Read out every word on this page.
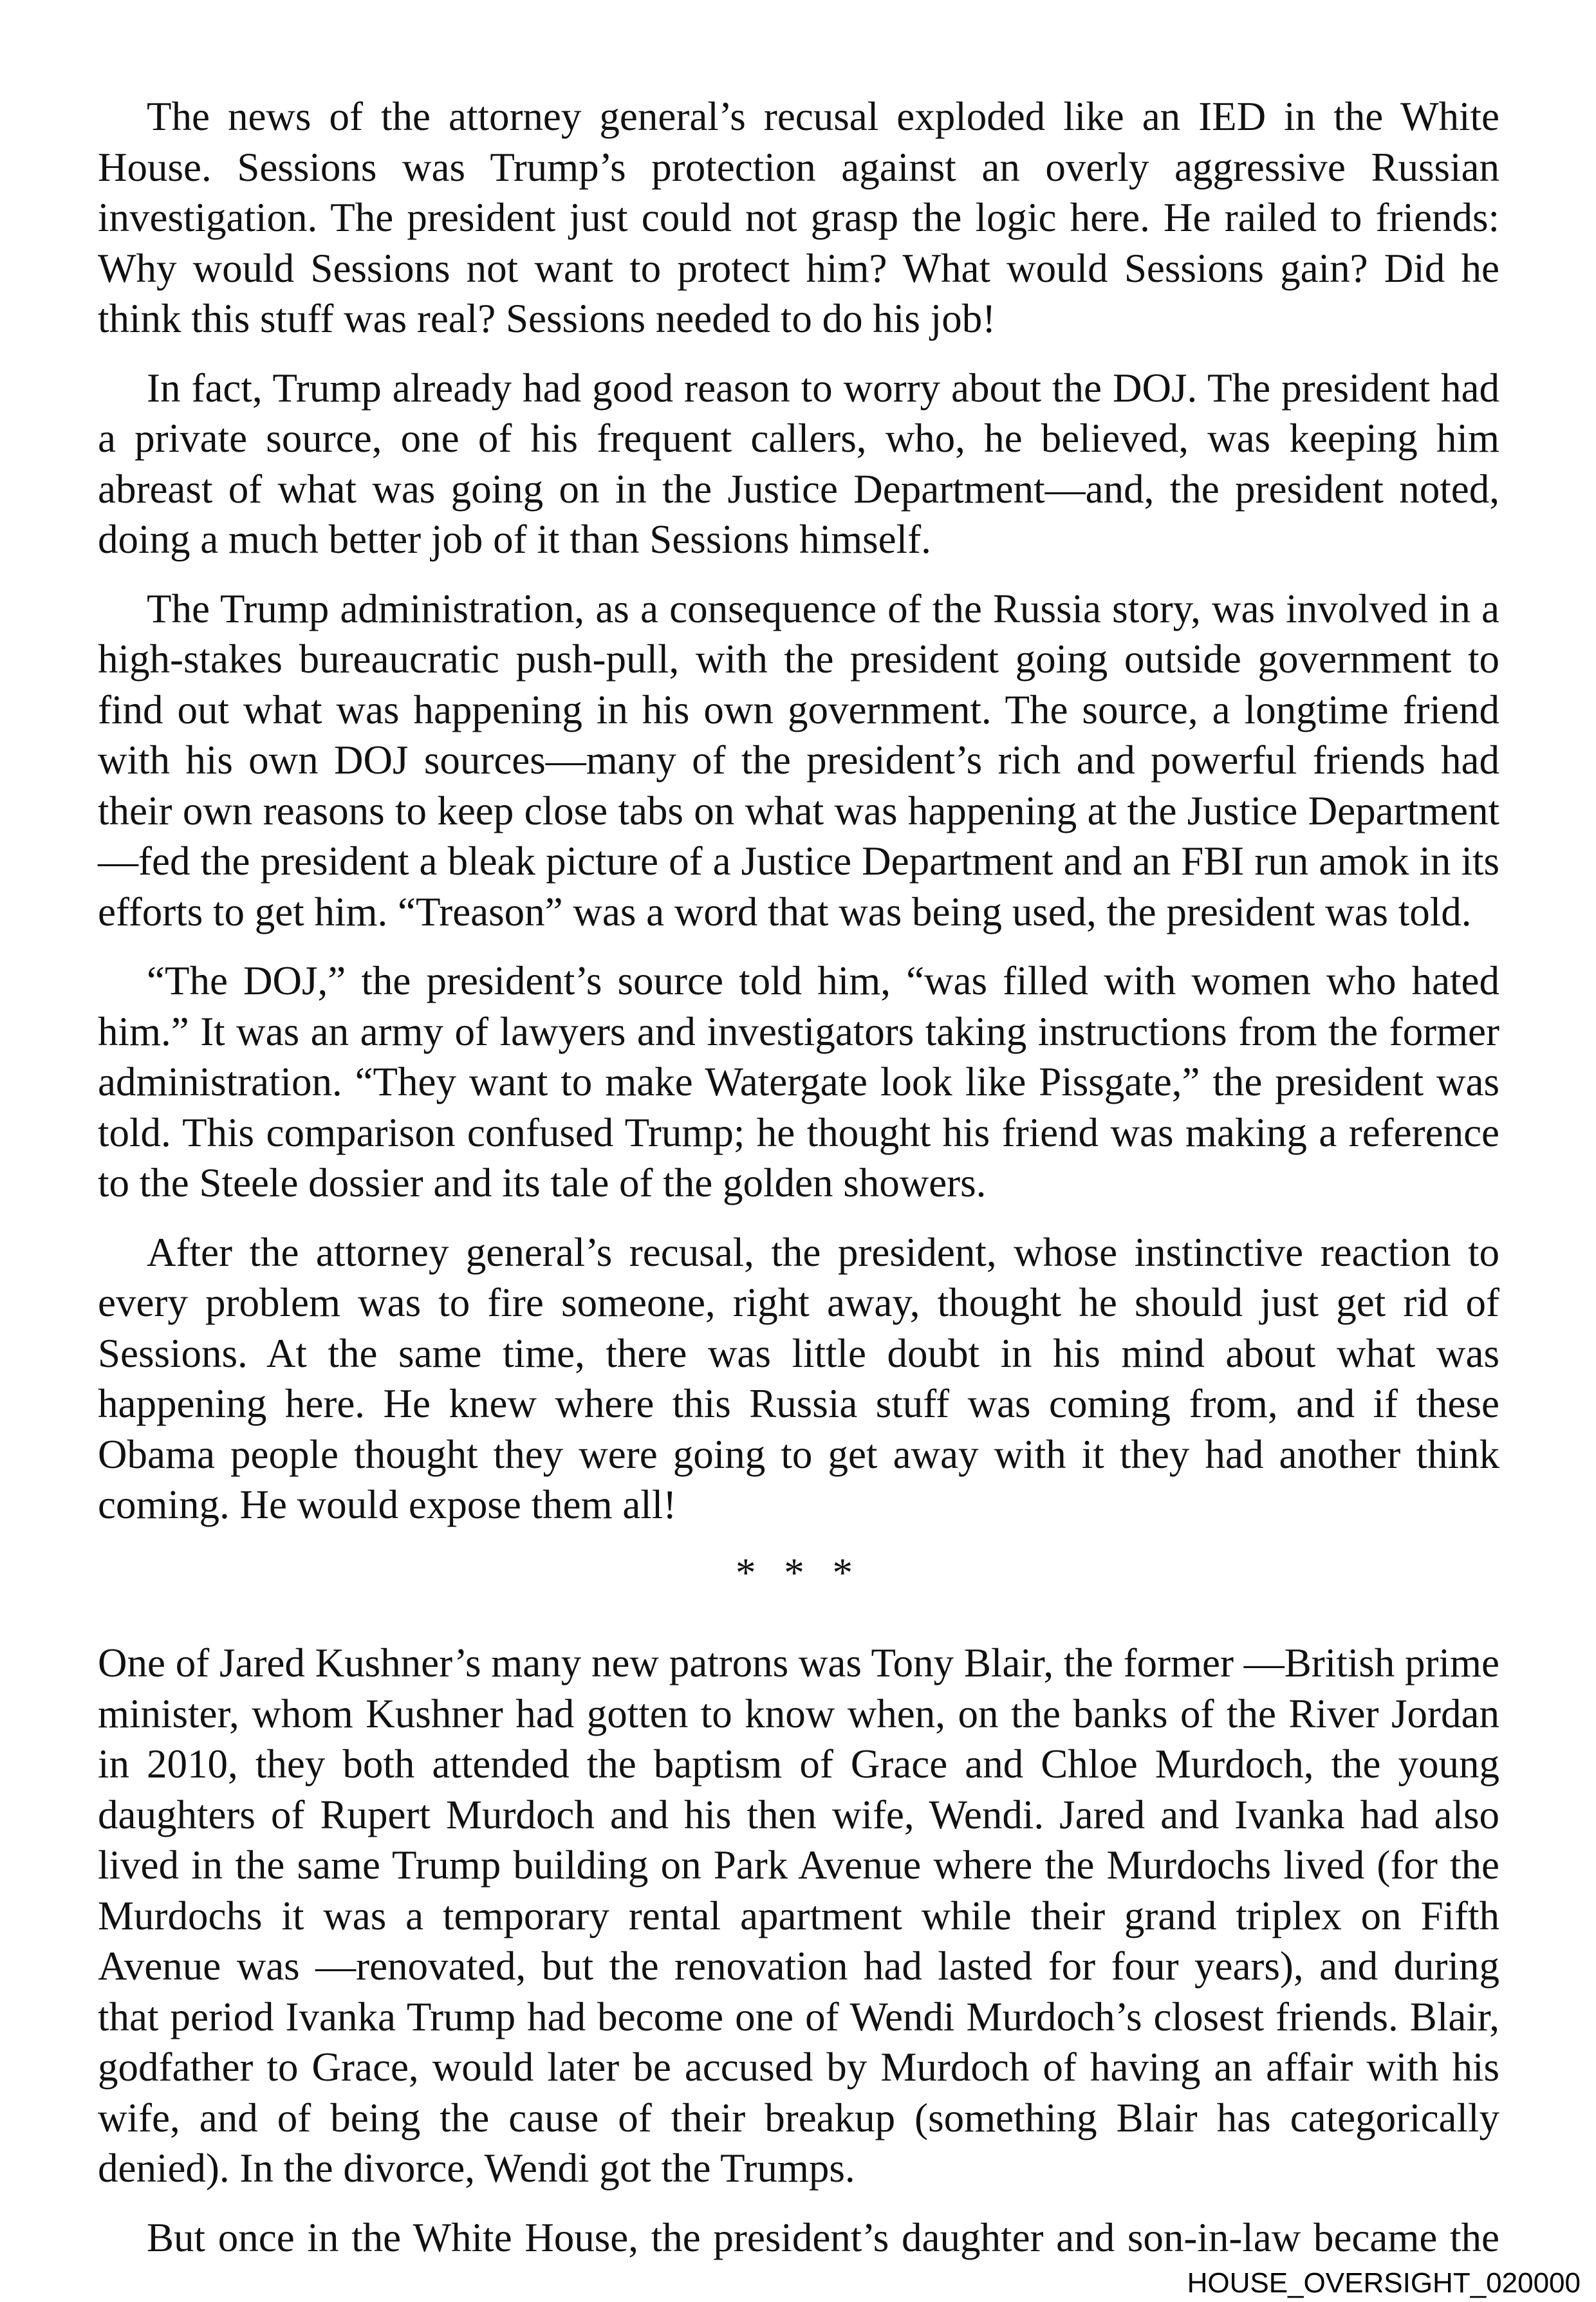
The news of the attorney general’s recusal exploded like an IED in the White House. Sessions was Trump’s protection against an overly aggressive Russian investigation. The president just could not grasp the logic here. He railed to friends: Why would Sessions not want to protect him? What would Sessions gain? Did he think this stuff was real? Sessions needed to do his job!

In fact, Trump already had good reason to worry about the DOJ. The president had a private source, one of his frequent callers, who, he believed, was keeping him abreast of what was going on in the Justice Department—and, the president noted, doing a much better job of it than Sessions himself.

The Trump administration, as a consequence of the Russia story, was involved in a high-stakes bureaucratic push-pull, with the president going outside government to find out what was happening in his own government. The source, a longtime friend with his own DOJ sources—many of the president’s rich and powerful friends had their own reasons to keep close tabs on what was happening at the Justice Department—fed the president a bleak picture of a Justice Department and an FBI run amok in its efforts to get him. “Treason” was a word that was being used, the president was told.

“The DOJ,” the president’s source told him, “was filled with women who hated him.” It was an army of lawyers and investigators taking instructions from the former administration. “They want to make Watergate look like Pissgate,” the president was told. This comparison confused Trump; he thought his friend was making a reference to the Steele dossier and its tale of the golden showers.

After the attorney general’s recusal, the president, whose instinctive reaction to every problem was to fire someone, right away, thought he should just get rid of Sessions. At the same time, there was little doubt in his mind about what was happening here. He knew where this Russia stuff was coming from, and if these Obama people thought they were going to get away with it they had another think coming. He would expose them all!

* * *

One of Jared Kushner’s many new patrons was Tony Blair, the former —British prime minister, whom Kushner had gotten to know when, on the banks of the River Jordan in 2010, they both attended the baptism of Grace and Chloe Murdoch, the young daughters of Rupert Murdoch and his then wife, Wendi. Jared and Ivanka had also lived in the same Trump building on Park Avenue where the Murdochs lived (for the Murdochs it was a temporary rental apartment while their grand triplex on Fifth Avenue was —renovated, but the renovation had lasted for four years), and during that period Ivanka Trump had become one of Wendi Murdoch’s closest friends. Blair, godfather to Grace, would later be accused by Murdoch of having an affair with his wife, and of being the cause of their breakup (something Blair has categorically denied). In the divorce, Wendi got the Trumps.

But once in the White House, the president’s daughter and son-in-law became the

HOUSE_OVERSIGHT_020000
